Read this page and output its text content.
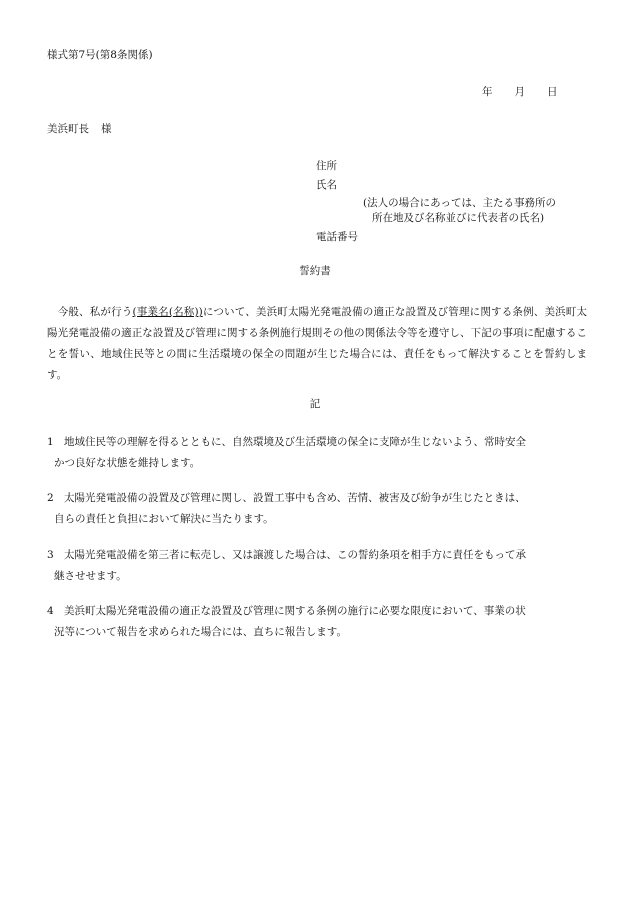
様式第7号(第8条関係)
年 月 日
美浜町長 様
住所
氏名
(法人の場合にあっては、主たる事務所の
所在地及び名称並びに代表者の氏名)
電話番号
誓約書
　今般、私が行う(事業名(名称))について、美浜町太陽光発電設備の適正な設置及び管理に関する条例、美浜町太陽光発電設備の適正な設置及び管理に関する条例施行規則その他の関係法令等を遵守し、下記の事項に配慮することを誓い、地域住民等との間に生活環境の保全の問題が生じた場合には、責任をもって解決することを誓約します。
記
1 地域住民等の理解を得るとともに、自然環境及び生活環境の保全に支障が生じないよう、常時安全
かつ良好な状態を維持します。
2 太陽光発電設備の設置及び管理に関し、設置工事中も含め、苦情、被害及び紛争が生じたときは、
自らの責任と負担において解決に当たります。
3 太陽光発電設備を第三者に転売し、又は譲渡した場合は、この誓約条項を相手方に責任をもって承
継させせます。
4 美浜町太陽光発電設備の適正な設置及び管理に関する条例の施行に必要な限度において、事業の状
況等について報告を求められた場合には、直ちに報告します。
